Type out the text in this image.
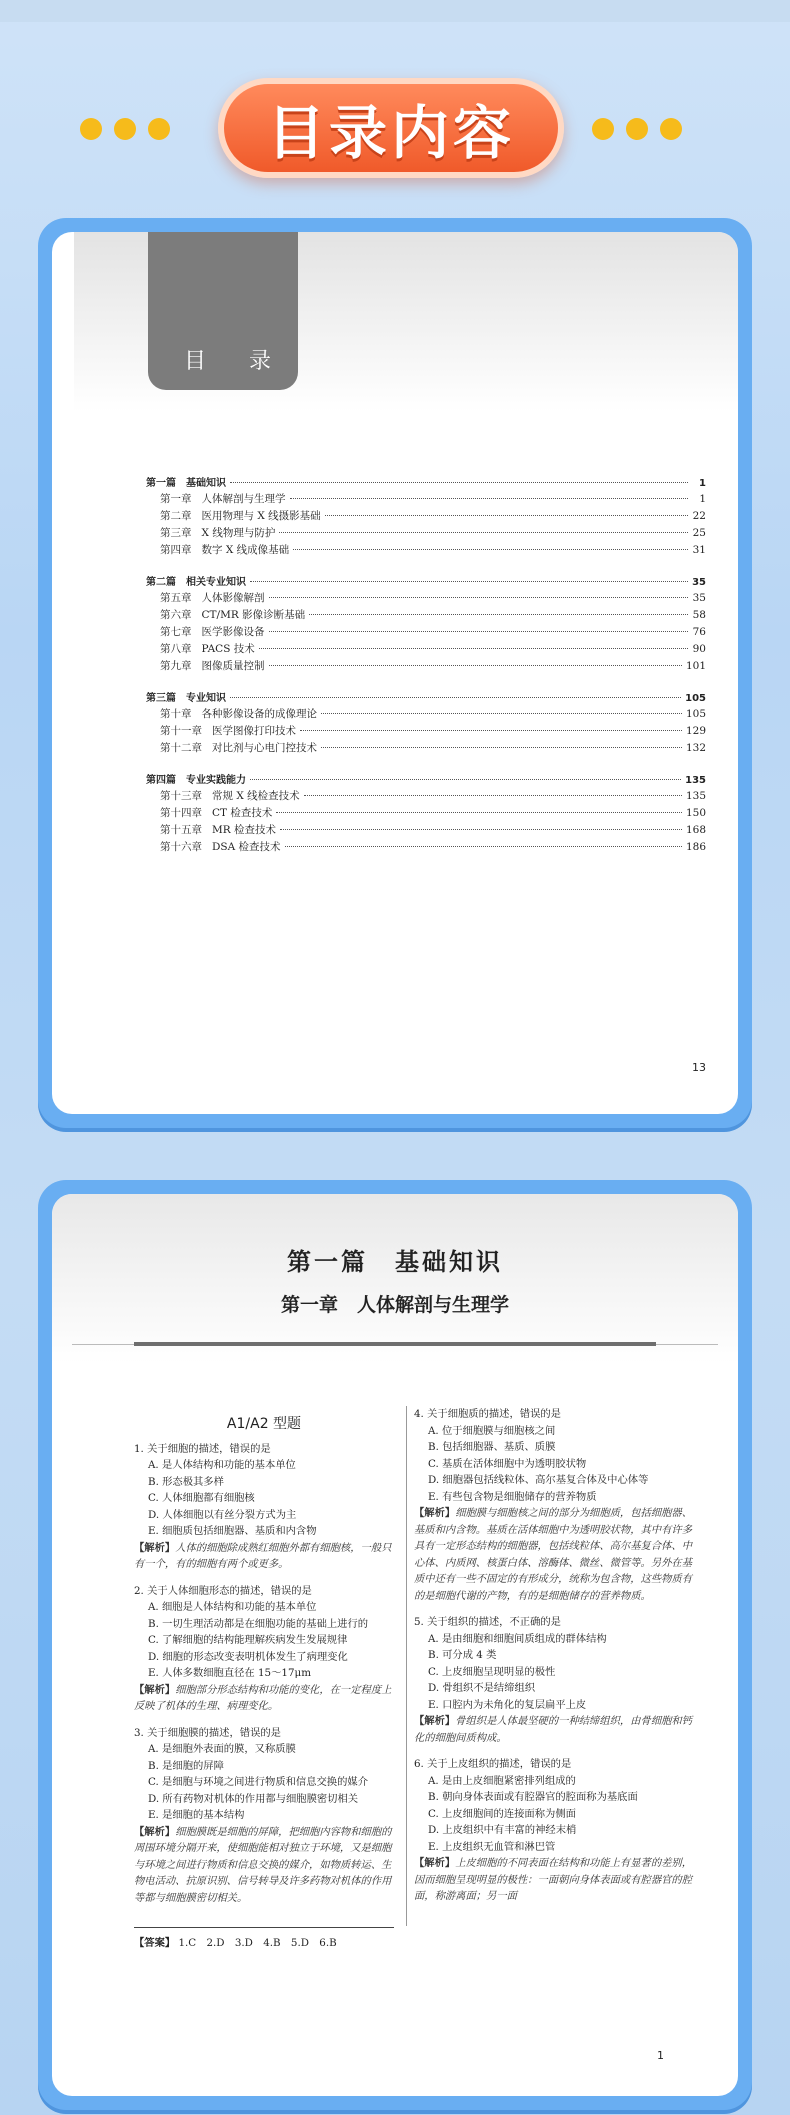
目录内容
目 录
第一篇 基础知识	1
第一章 人体解剖与生理学	1
第二章 医用物理与 X 线摄影基础	22
第三章 X 线物理与防护	25
第四章 数字 X 线成像基础	31
第二篇 相关专业知识	35
第五章 人体影像解剖	35
第六章 CT/MR 影像诊断基础	58
第七章 医学影像设备	76
第八章 PACS 技术	90
第九章 图像质量控制	101
第三篇 专业知识	105
第十章 各种影像设备的成像理论	105
第十一章 医学图像打印技术	129
第十二章 对比剂与心电门控技术	132
第四篇 专业实践能力	135
第十三章 常规 X 线检查技术	135
第十四章 CT 检查技术	150
第十五章 MR 检查技术	168
第十六章 DSA 检查技术	186
13
第一篇　基础知识
第一章　人体解剖与生理学
A1/A2 型题
1. 关于细胞的描述，错误的是
A. 是人体结构和功能的基本单位
B. 形态极其多样
C. 人体细胞都有细胞核
D. 人体细胞以有丝分裂方式为主
E. 细胞质包括细胞器、基质和内含物
【解析】人体的细胞除成熟红细胞外都有细胞核，一般只有一个，有的细胞有两个或更多。
2. 关于人体细胞形态的描述，错误的是
A. 细胞是人体结构和功能的基本单位
B. 一切生理活动都是在细胞功能的基础上进行的
C. 了解细胞的结构能理解疾病发生发展规律
D. 细胞的形态改变表明机体发生了病理变化
E. 人体多数细胞直径在 15～17μm
【解析】细胞部分形态结构和功能的变化，在一定程度上反映了机体的生理、病理变化。
3. 关于细胞膜的描述，错误的是
A. 是细胞外表面的膜，又称质膜
B. 是细胞的屏障
C. 是细胞与环境之间进行物质和信息交换的媒介
D. 所有药物对机体的作用都与细胞膜密切相关
E. 是细胞的基本结构
【解析】细胞膜既是细胞的屏障，把细胞内容物和细胞的周围环境分隔开来，使细胞能相对独立于环境，又是细胞与环境之间进行物质和信息交换的媒介，如物质转运、生物电活动、抗原识别、信号转导及许多药物对机体的作用等都与细胞膜密切相关。
4. 关于细胞质的描述，错误的是
A. 位于细胞膜与细胞核之间
B. 包括细胞器、基质、质膜
C. 基质在活体细胞中为透明胶状物
D. 细胞器包括线粒体、高尔基复合体及中心体等
E. 有些包含物是细胞储存的营养物质
【解析】细胞膜与细胞核之间的部分为细胞质，包括细胞器、基质和内含物。基质在活体细胞中为透明胶状物，其中有许多具有一定形态结构的细胞器，包括线粒体、高尔基复合体、中心体、内质网、核蛋白体、溶酶体、微丝、微管等。另外在基质中还有一些不固定的有形成分，统称为包含物，这些物质有的是细胞代谢的产物，有的是细胞储存的营养物质。
5. 关于组织的描述，不正确的是
A. 是由细胞和细胞间质组成的群体结构
B. 可分成 4 类
C. 上皮细胞呈现明显的极性
D. 骨组织不是结缔组织
E. 口腔内为未角化的复层扁平上皮
【解析】骨组织是人体最坚硬的一种结缔组织，由骨细胞和钙化的细胞间质构成。
6. 关于上皮组织的描述，错误的是
A. 是由上皮细胞紧密排列组成的
B. 朝向身体表面或有腔器官的腔面称为基底面
C. 上皮细胞间的连接面称为侧面
D. 上皮组织中有丰富的神经末梢
E. 上皮组织无血管和淋巴管
【解析】上皮细胞的不同表面在结构和功能上有显著的差别，因而细胞呈现明显的极性：一面朝向身体表面或有腔器官的腔面，称游离面；另一面
【答案】 1.C　2.D　3.D　4.B　5.D　6.B
1
